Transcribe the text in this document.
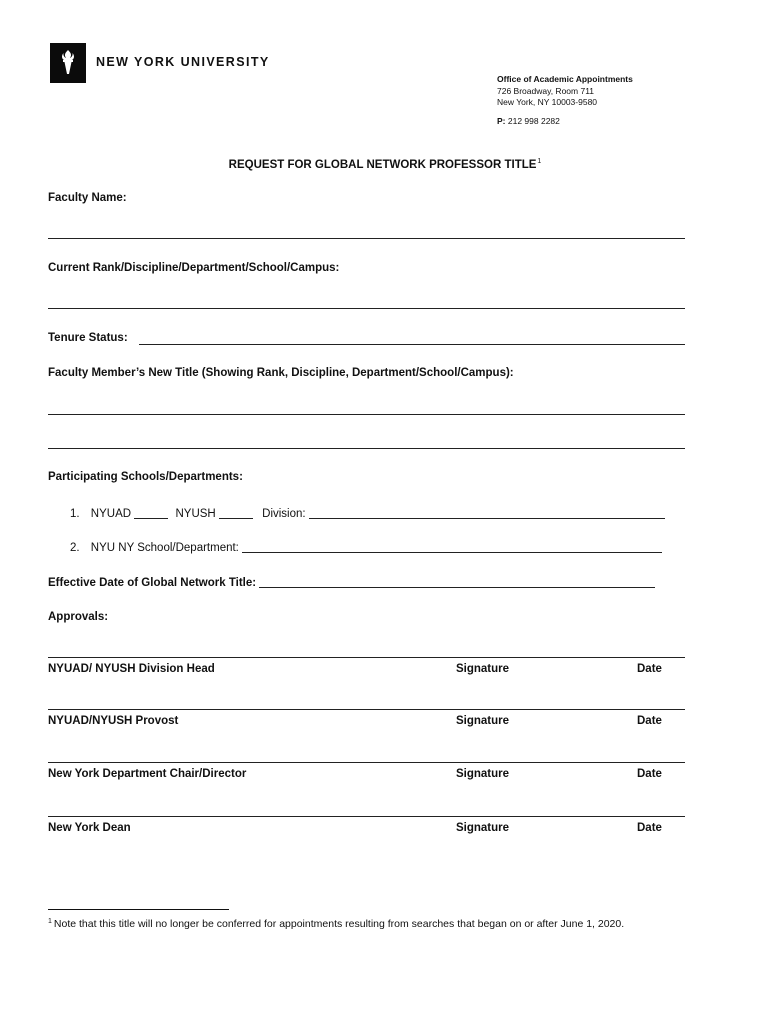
NEW YORK UNIVERSITY
Office of Academic Appointments
726 Broadway, Room 711
New York, NY 10003-9580
P: 212 998 2282
REQUEST FOR GLOBAL NETWORK PROFESSOR TITLE$^1$
Faculty Name:
Current Rank/Discipline/Department/School/Campus:
Tenure Status:
Faculty Member’s New Title (Showing Rank, Discipline, Department/School/Campus):
Participating Schools/Departments:
1. NYUAD	NYUSH	Division:
2. NYU NY School/Department:
Effective Date of Global Network Title:
Approvals:
NYUAD/ NYUSH Division Head	Signature	Date
NYUAD/NYUSH Provost	Signature	Date
New York Department Chair/Director	Signature	Date
New York Dean	Signature	Date
$^1$ Note that this title will no longer be conferred for appointments resulting from searches that began on or after June 1, 2020.
